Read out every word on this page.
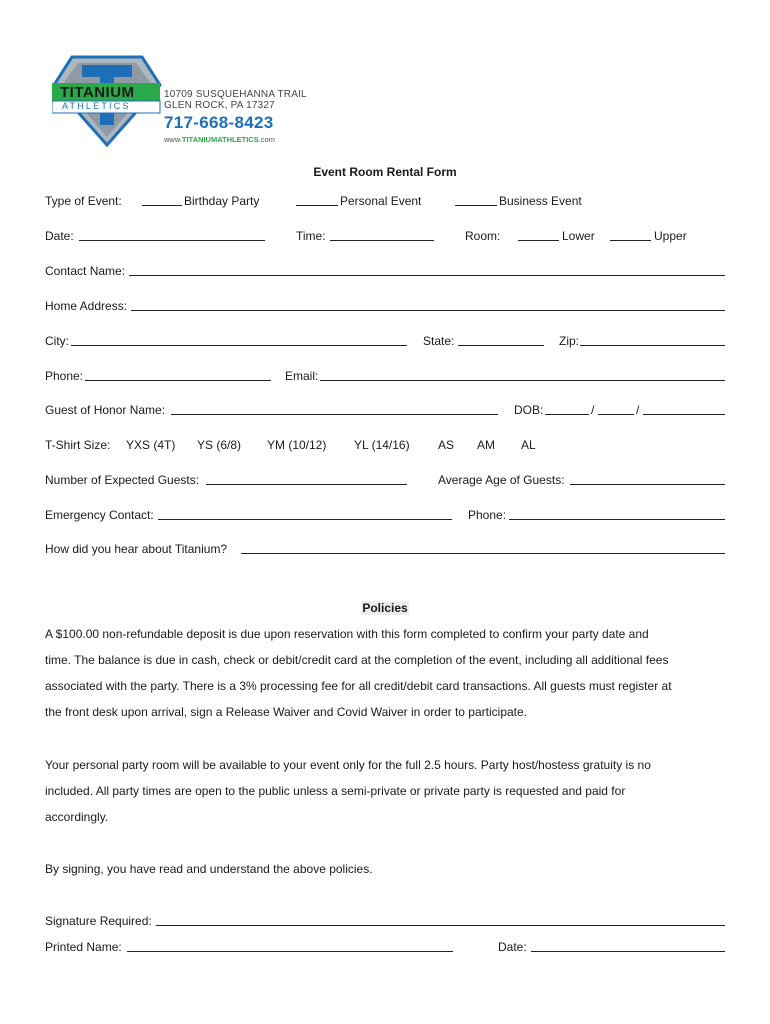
TITANIUM
ATHLETICS
10709 SUSQUEHANNA TRAIL
GLEN ROCK, PA 17327
717-668-8423
www.TITANIUMATHLETICS.com
Event Room Rental Form
Type of Event:	Birthday Party	Personal Event	Business Event
Date:	Time:	Room:	Lower	Upper
Contact Name:
Home Address:
City:	State:	Zip:
Phone:	Email:
Guest of Honor Name:	DOB:	/	/
T-Shirt Size: YXS (4T) YS (6/8) YM (10/12) YL (14/16) AS AM AL
Number of Expected Guests:	Average Age of Guests:
Emergency Contact:	Phone:
How did you hear about Titanium?
Policies
A $100.00 non-refundable deposit is due upon reservation with this form completed to confirm your party date and
time. The balance is due in cash, check or debit/credit card at the completion of the event, including all additional fees
associated with the party. There is a 3% processing fee for all credit/debit card transactions. All guests must register at
the front desk upon arrival, sign a Release Waiver and Covid Waiver in order to participate.
Your personal party room will be available to your event only for the full 2.5 hours. Party host/hostess gratuity is no
included. All party times are open to the public unless a semi-private or private party is requested and paid for
accordingly.
By signing, you have read and understand the above policies.
Signature Required:
Printed Name:	Date:
